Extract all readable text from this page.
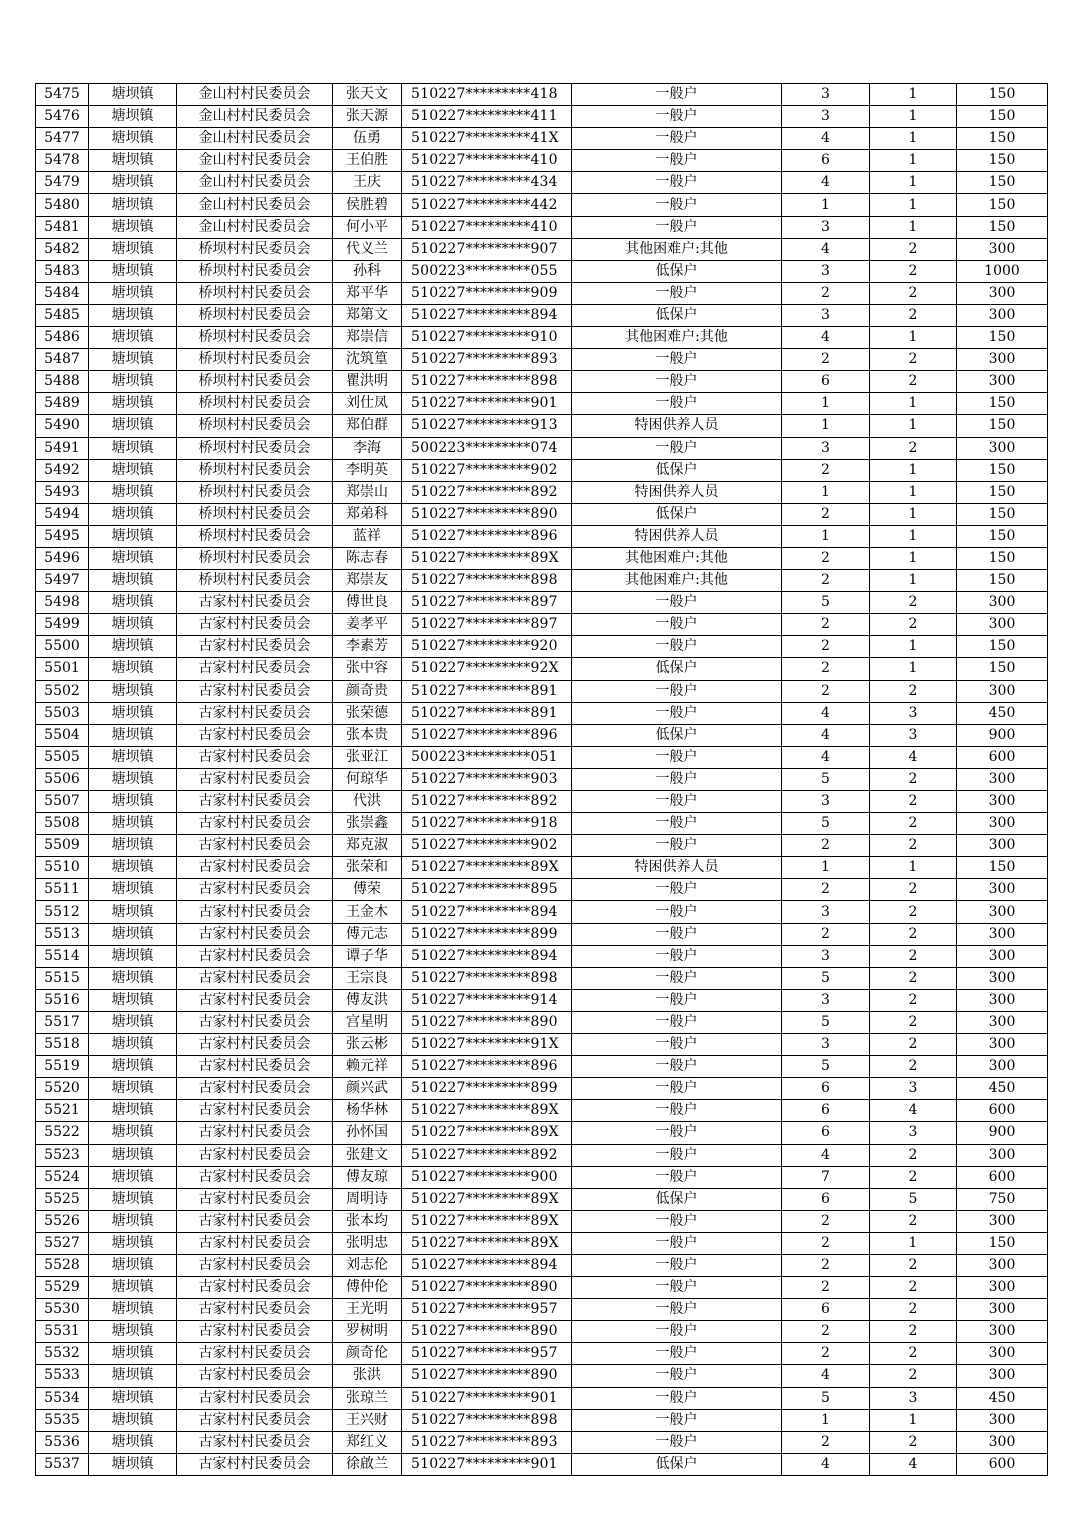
5475	塘坝镇	金山村村民委员会	张天文	510227*********418	一般户	3	1	150
5476	塘坝镇	金山村村民委员会	张天源	510227*********411	一般户	3	1	150
5477	塘坝镇	金山村村民委员会	伍勇	510227*********41X	一般户	4	1	150
5478	塘坝镇	金山村村民委员会	王伯胜	510227*********410	一般户	6	1	150
5479	塘坝镇	金山村村民委员会	王庆	510227*********434	一般户	4	1	150
5480	塘坝镇	金山村村民委员会	侯胜碧	510227*********442	一般户	1	1	150
5481	塘坝镇	金山村村民委员会	何小平	510227*********410	一般户	3	1	150
5482	塘坝镇	桥坝村村民委员会	代义兰	510227*********907	其他困难户:其他	4	2	300
5483	塘坝镇	桥坝村村民委员会	孙科	500223*********055	低保户	3	2	1000
5484	塘坝镇	桥坝村村民委员会	郑平华	510227*********909	一般户	2	2	300
5485	塘坝镇	桥坝村村民委员会	郑第文	510227*********894	低保户	3	2	300
5486	塘坝镇	桥坝村村民委员会	郑崇信	510227*********910	其他困难户:其他	4	1	150
5487	塘坝镇	桥坝村村民委员会	沈筑篁	510227*********893	一般户	2	2	300
5488	塘坝镇	桥坝村村民委员会	瞿洪明	510227*********898	一般户	6	2	300
5489	塘坝镇	桥坝村村民委员会	刘仕凤	510227*********901	一般户	1	1	150
5490	塘坝镇	桥坝村村民委员会	郑伯群	510227*********913	特困供养人员	1	1	150
5491	塘坝镇	桥坝村村民委员会	李海	500223*********074	一般户	3	2	300
5492	塘坝镇	桥坝村村民委员会	李明英	510227*********902	低保户	2	1	150
5493	塘坝镇	桥坝村村民委员会	郑崇山	510227*********892	特困供养人员	1	1	150
5494	塘坝镇	桥坝村村民委员会	郑弟科	510227*********890	低保户	2	1	150
5495	塘坝镇	桥坝村村民委员会	蓝祥	510227*********896	特困供养人员	1	1	150
5496	塘坝镇	桥坝村村民委员会	陈志春	510227*********89X	其他困难户:其他	2	1	150
5497	塘坝镇	桥坝村村民委员会	郑崇友	510227*********898	其他困难户:其他	2	1	150
5498	塘坝镇	古家村村民委员会	傅世良	510227*********897	一般户	5	2	300
5499	塘坝镇	古家村村民委员会	姜孝平	510227*********897	一般户	2	2	300
5500	塘坝镇	古家村村民委员会	李素芳	510227*********920	一般户	2	1	150
5501	塘坝镇	古家村村民委员会	张中容	510227*********92X	低保户	2	1	150
5502	塘坝镇	古家村村民委员会	颜奇贵	510227*********891	一般户	2	2	300
5503	塘坝镇	古家村村民委员会	张荣德	510227*********891	一般户	4	3	450
5504	塘坝镇	古家村村民委员会	张本贵	510227*********896	低保户	4	3	900
5505	塘坝镇	古家村村民委员会	张亚江	500223*********051	一般户	4	4	600
5506	塘坝镇	古家村村民委员会	何琼华	510227*********903	一般户	5	2	300
5507	塘坝镇	古家村村民委员会	代洪	510227*********892	一般户	3	2	300
5508	塘坝镇	古家村村民委员会	张崇鑫	510227*********918	一般户	5	2	300
5509	塘坝镇	古家村村民委员会	郑克淑	510227*********902	一般户	2	2	300
5510	塘坝镇	古家村村民委员会	张荣和	510227*********89X	特困供养人员	1	1	150
5511	塘坝镇	古家村村民委员会	傅荣	510227*********895	一般户	2	2	300
5512	塘坝镇	古家村村民委员会	王金木	510227*********894	一般户	3	2	300
5513	塘坝镇	古家村村民委员会	傅元志	510227*********899	一般户	2	2	300
5514	塘坝镇	古家村村民委员会	谭子华	510227*********894	一般户	3	2	300
5515	塘坝镇	古家村村民委员会	王宗良	510227*********898	一般户	5	2	300
5516	塘坝镇	古家村村民委员会	傅友洪	510227*********914	一般户	3	2	300
5517	塘坝镇	古家村村民委员会	宫星明	510227*********890	一般户	5	2	300
5518	塘坝镇	古家村村民委员会	张云彬	510227*********91X	一般户	3	2	300
5519	塘坝镇	古家村村民委员会	赖元祥	510227*********896	一般户	5	2	300
5520	塘坝镇	古家村村民委员会	颜兴武	510227*********899	一般户	6	3	450
5521	塘坝镇	古家村村民委员会	杨华林	510227*********89X	一般户	6	4	600
5522	塘坝镇	古家村村民委员会	孙怀国	510227*********89X	一般户	6	3	900
5523	塘坝镇	古家村村民委员会	张建文	510227*********892	一般户	4	2	300
5524	塘坝镇	古家村村民委员会	傅友琼	510227*********900	一般户	7	2	600
5525	塘坝镇	古家村村民委员会	周明诗	510227*********89X	低保户	6	5	750
5526	塘坝镇	古家村村民委员会	张本均	510227*********89X	一般户	2	2	300
5527	塘坝镇	古家村村民委员会	张明忠	510227*********89X	一般户	2	1	150
5528	塘坝镇	古家村村民委员会	刘志伦	510227*********894	一般户	2	2	300
5529	塘坝镇	古家村村民委员会	傅仲伦	510227*********890	一般户	2	2	300
5530	塘坝镇	古家村村民委员会	王光明	510227*********957	一般户	6	2	300
5531	塘坝镇	古家村村民委员会	罗树明	510227*********890	一般户	2	2	300
5532	塘坝镇	古家村村民委员会	颜奇伦	510227*********957	一般户	2	2	300
5533	塘坝镇	古家村村民委员会	张洪	510227*********890	一般户	4	2	300
5534	塘坝镇	古家村村民委员会	张琼兰	510227*********901	一般户	5	3	450
5535	塘坝镇	古家村村民委员会	王兴财	510227*********898	一般户	1	1	300
5536	塘坝镇	古家村村民委员会	郑红义	510227*********893	一般户	2	2	300
5537	塘坝镇	古家村村民委员会	徐啟兰	510227*********901	低保户	4	4	600
